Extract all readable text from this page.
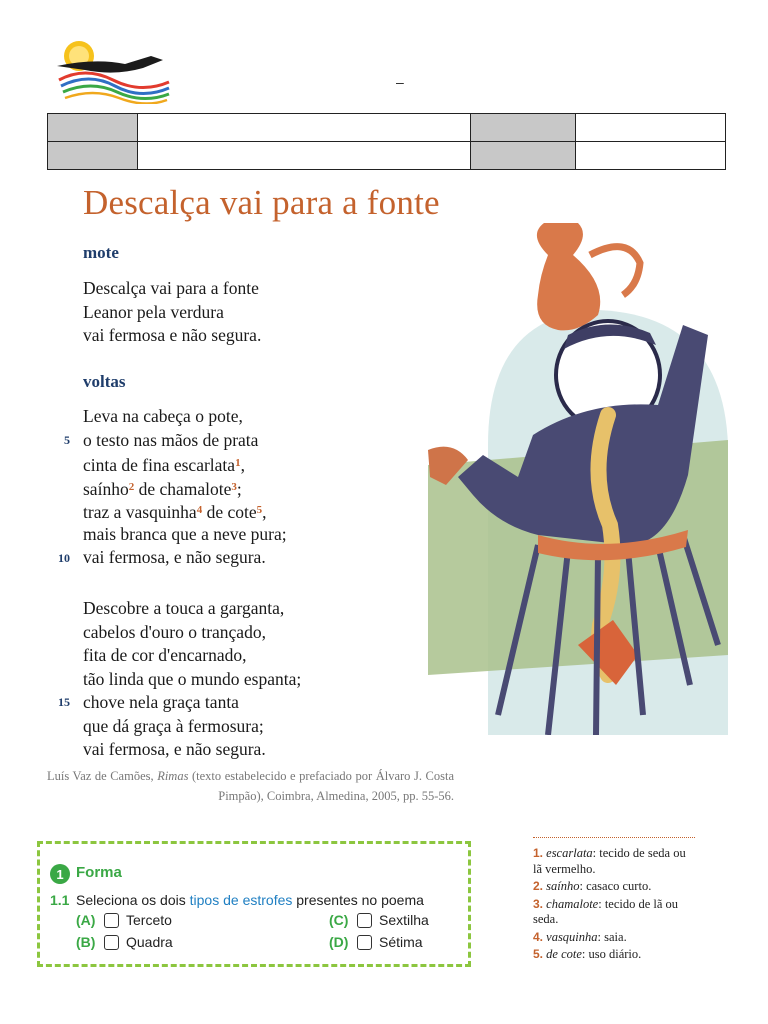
–

Descalça vai para a fonte
mote
Descalça vai para a fonte
Leanor pela verdura
vai fermosa e não segura.
voltas
Leva na cabeça o pote,
o testo nas mãos de prata
cinta de fina escarlata$^1$,
saínho$^2$ de chamalote$^3$;
traz a vasquinha$^4$ de cote$^5$,
mais branca que a neve pura;
vai fermosa, e não segura.
5
10
Descobre a touca a garganta,
cabelos d'ouro o trançado,
fita de cor d'encarnado,
tão linda que o mundo espanta;
chove nela graça tanta
que dá graça à fermosura;
vai fermosa, e não segura.
15
Luís Vaz de Camões, Rimas (texto estabelecido e prefaciado por Álvaro J. Costa
Pimpão), Coimbra, Almedina, 2005, pp. 55-56.
1 Forma
1.1 Seleciona os dois tipos de estrofes presentes no poema
(A)	Terceto
(B)	Quadra
(C)	Sextilha
(D)	Sétima
1. escarlata: tecido de seda ou lã vermelho.
2. saínho: casaco curto.
3. chamalote: tecido de lã ou seda.
4. vasquinha: saia.
5. de cote: uso diário.
